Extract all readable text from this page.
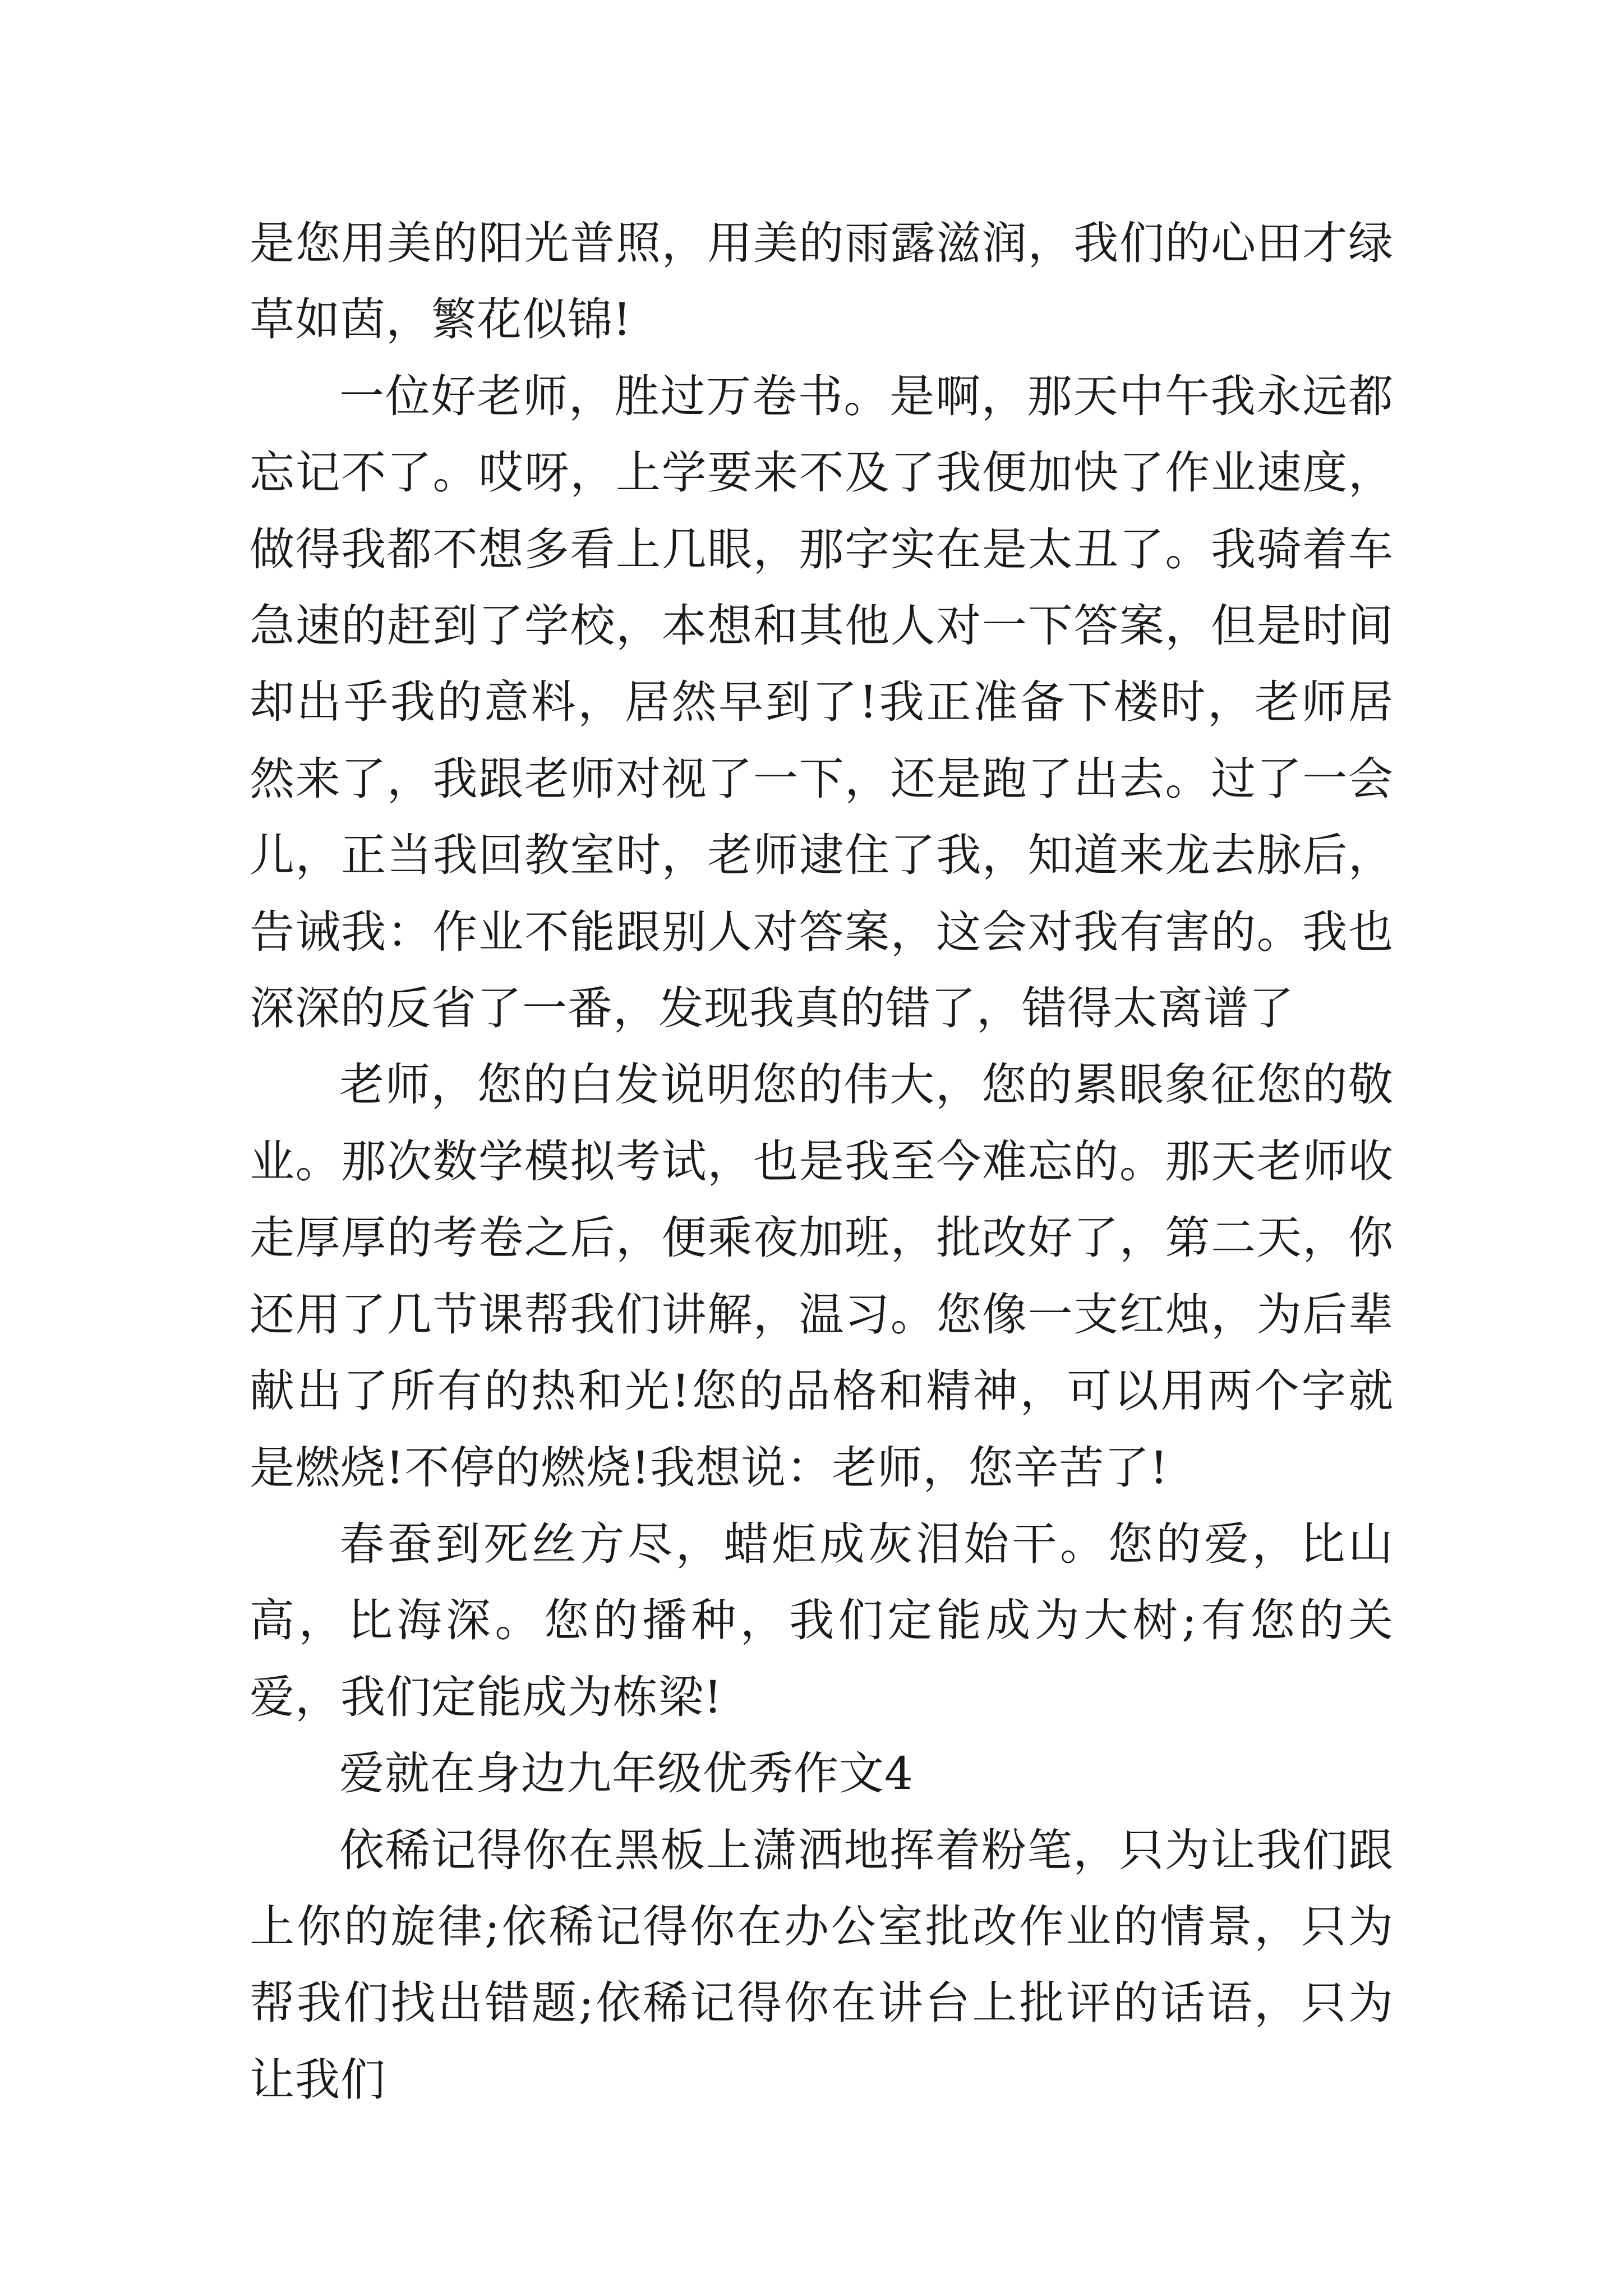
是您用美的阳光普照，用美的雨露滋润，我们的心田才绿草如茵，繁花似锦!

一位好老师，胜过万卷书。是啊，那天中午我永远都忘记不了。哎呀，上学要来不及了我便加快了作业速度，做得我都不想多看上几眼，那字实在是太丑了。我骑着车急速的赶到了学校，本想和其他人对一下答案，但是时间却出乎我的意料，居然早到了!我正准备下楼时，老师居然来了，我跟老师对视了一下，还是跑了出去。过了一会儿，正当我回教室时，老师逮住了我，知道来龙去脉后，告诫我：作业不能跟别人对答案，这会对我有害的。我也深深的反省了一番，发现我真的错了，错得太离谱了

老师，您的白发说明您的伟大，您的累眼象征您的敬业。那次数学模拟考试，也是我至今难忘的。那天老师收走厚厚的考卷之后，便乘夜加班，批改好了，第二天，你还用了几节课帮我们讲解，温习。您像一支红烛，为后辈献出了所有的热和光!您的品格和精神，可以用两个字就是燃烧!不停的燃烧!我想说：老师，您辛苦了!

春蚕到死丝方尽，蜡炬成灰泪始干。您的爱，比山高，比海深。您的播种，我们定能成为大树;有您的关爱，我们定能成为栋梁!

爱就在身边九年级优秀作文4

依稀记得你在黑板上潇洒地挥着粉笔，只为让我们跟上你的旋律;依稀记得你在办公室批改作业的情景，只为帮我们找出错题;依稀记得你在讲台上批评的话语，只为让我们
